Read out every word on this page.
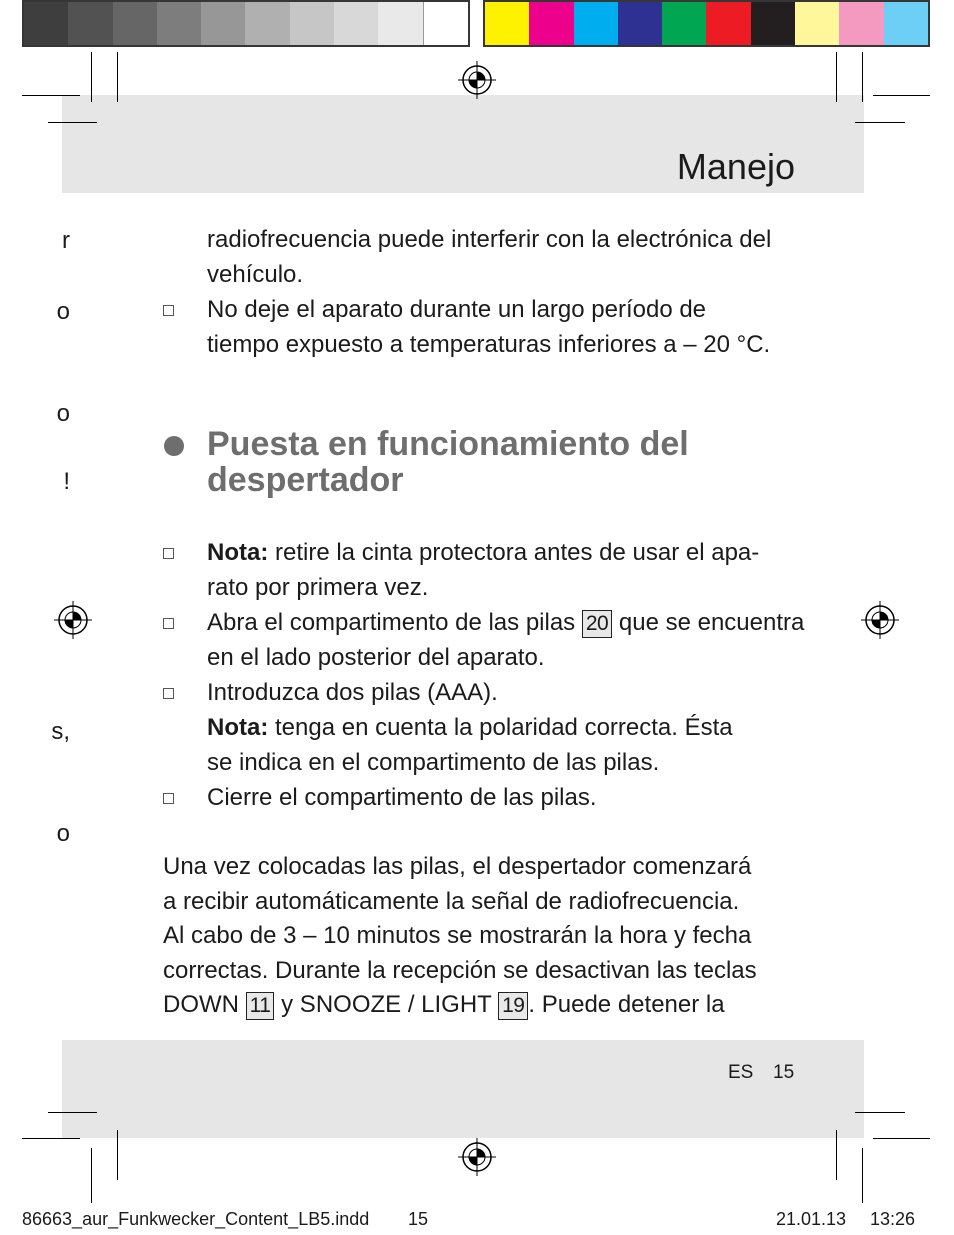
Manejo
ES 15
r
o
o
!
s,
o
radiofrecuencia puede interferir con la electrónica del
vehículo.
No deje el aparato durante un largo período de
tiempo expuesto a temperaturas inferiores a – 20 °C.
Puesta en funcionamiento del
despertador
Nota: retire la cinta protectora antes de usar el apa-
rato por primera vez.
Abra el compartimento de las pilas 20 que se encuentra
en el lado posterior del aparato.
Introduzca dos pilas (AAA).
Nota: tenga en cuenta la polaridad correcta. Ésta
se indica en el compartimento de las pilas.
Cierre el compartimento de las pilas.
Una vez colocadas las pilas, el despertador comenzará
a recibir automáticamente la señal de radiofrecuencia.
Al cabo de 3 – 10 minutos se mostrarán la hora y fecha
correctas. Durante la recepción se desactivan las teclas
DOWN 11 y SNOOZE / LIGHT 19 . Puede detener la
86663_aur_Funkwecker_Content_LB5.indd 15	21.01.13 13:26
